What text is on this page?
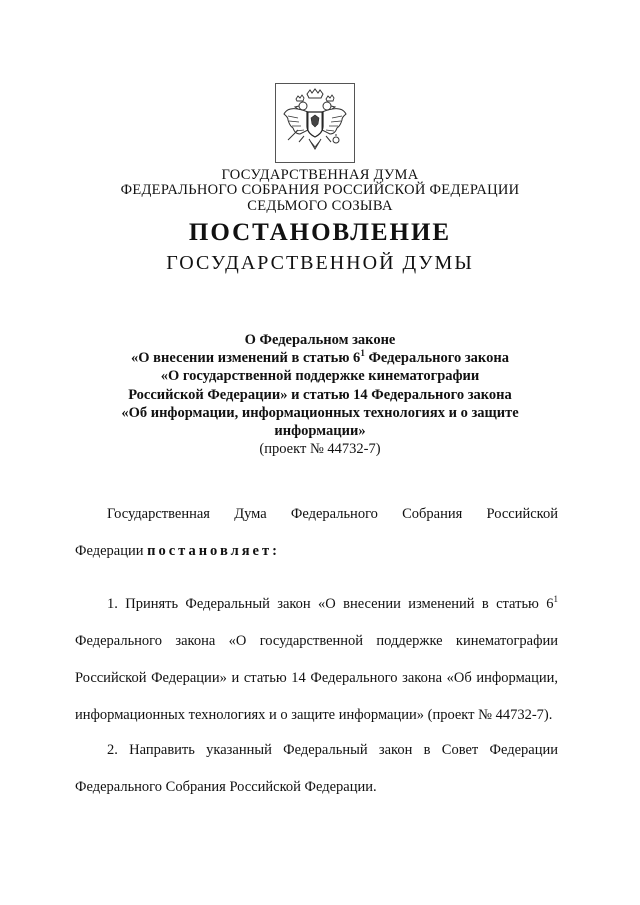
ГОСУДАРСТВЕННАЯ ДУМА
ФЕДЕРАЛЬНОГО СОБРАНИЯ РОССИЙСКОЙ ФЕДЕРАЦИИ
СЕДЬМОГО СОЗЫВА
ПОСТАНОВЛЕНИЕ
ГОСУДАРСТВЕННОЙ ДУМЫ
О Федеральном законе
«О внесении изменений в статью $6^1$ Федерального закона
«О государственной поддержке кинематографии
Российской Федерации» и статью 14 Федерального закона
«Об информации, информационных технологиях и о защите
информации»
(проект № 44732-7)
Государственная Дума Федерального Собрания Российской
Федерации постановляет:
1. Принять Федеральный закон «О внесении изменений в статью $6^1$
Федерального закона «О государственной поддержке кинематографии
Российской Федерации» и статью 14 Федерального закона «Об информации,
информационных технологиях и о защите информации» (проект № 44732-7).
2. Направить указанный Федеральный закон в Совет Федерации
Федерального Собрания Российской Федерации.
